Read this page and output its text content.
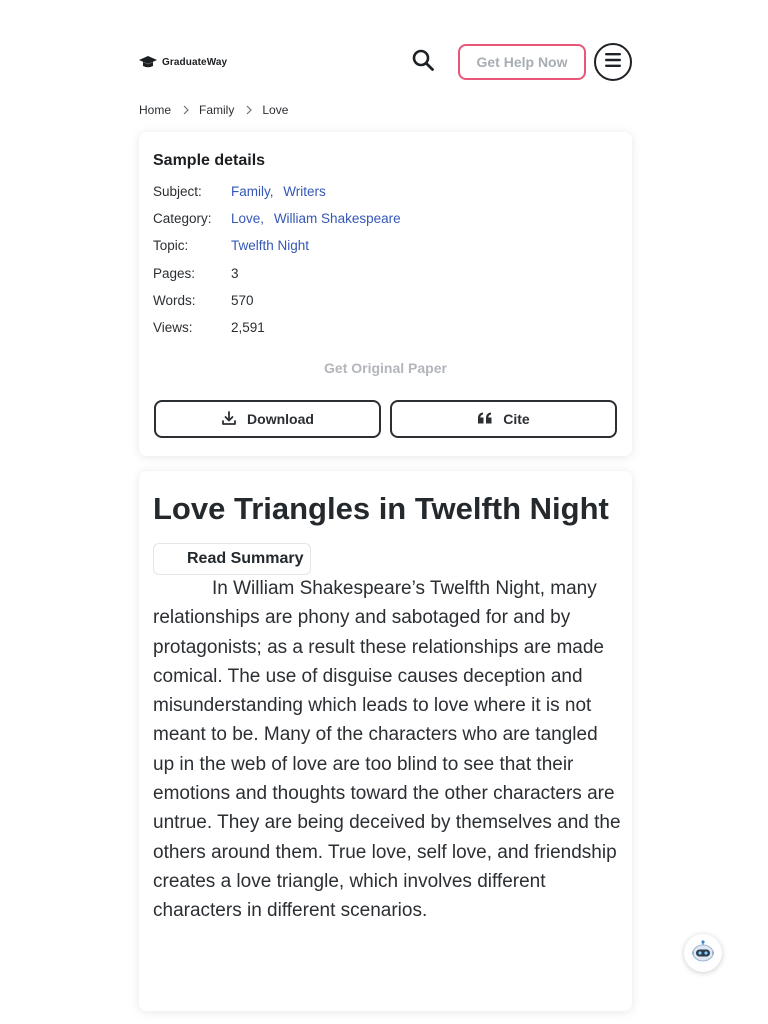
GraduateWay	Get Help Now
Home Family Love
Sample details
Subject:	Family, Writers
Category:	Love, William Shakespeare
Topic:	Twelfth Night
Pages:	3
Words:	570
Views:	2,591
Get Original Paper
Download	Cite
Love Triangles in Twelfth Night
Read Summary

In William Shakespeare’s Twelfth Night, many relationships are phony and sabotaged for and by protagonists; as a result these relationships are made comical. The use of disguise causes deception and misunderstanding which leads to love where it is not meant to be. Many of the characters who are tangled up in the web of love are too blind to see that their emotions and thoughts toward the other characters are untrue. They are being deceived by themselves and the others around them. True love, self love, and friendship creates a love triangle, which involves different characters in different scenarios.
